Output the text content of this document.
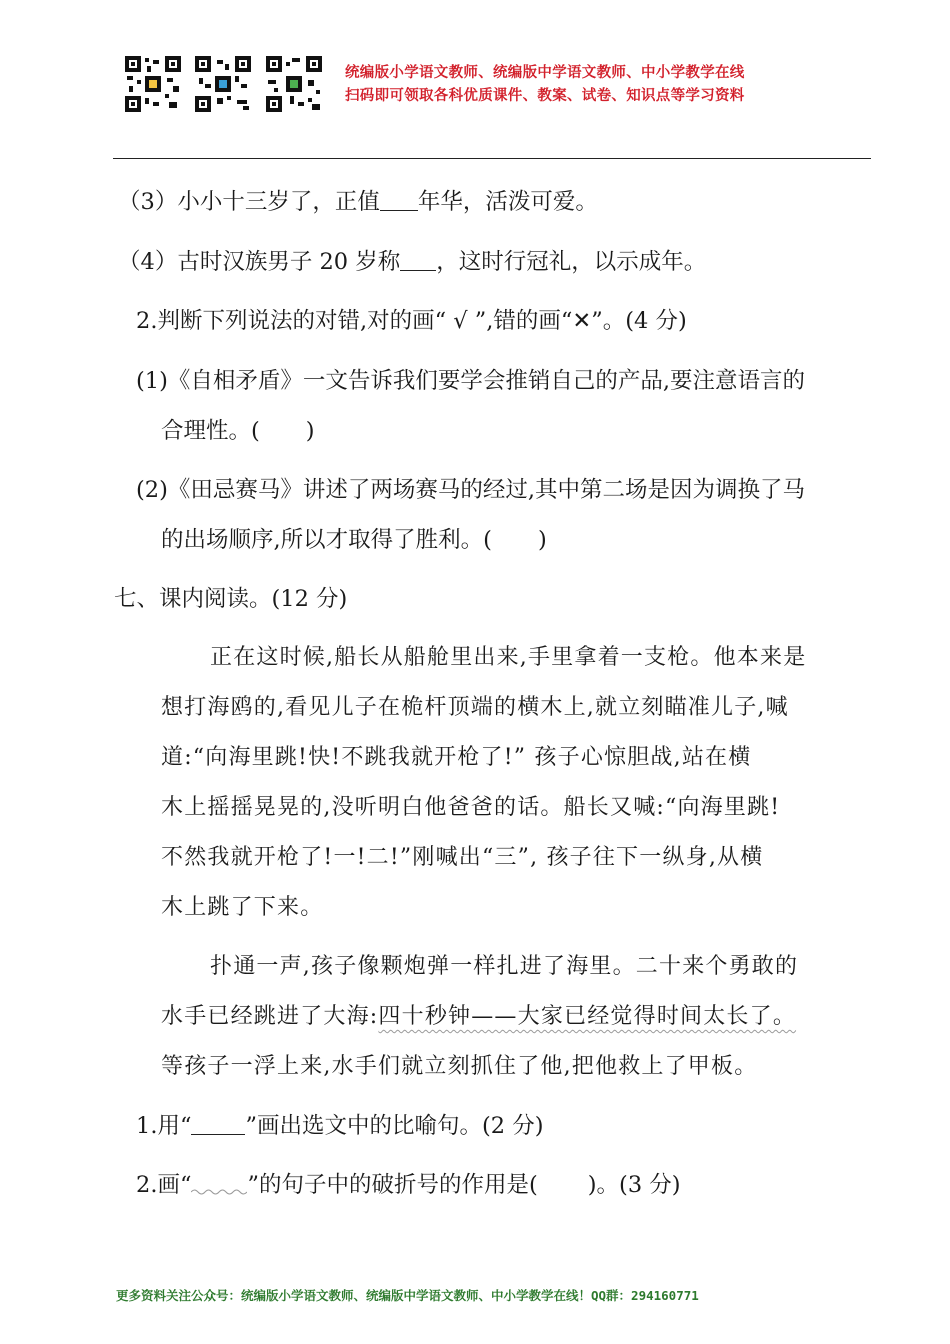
统编版小学语文教师、统编版中学语文教师、中小学教学在线
扫码即可领取各科优质课件、教案、试卷、知识点等学习资料
（3）小小十三岁了，正值 年华，活泼可爱。
（4）古时汉族男子 20 岁称 ，这时行冠礼，以示成年。
2.判断下列说法的对错,对的画“ √ ”,错的画“✕”。(4 分)
(1)《自相矛盾》一文告诉我们要学会推销自己的产品,要注意语言的
合理性。( )
(2)《田忌赛马》讲述了两场赛马的经过,其中第二场是因为调换了马
的出场顺序,所以才取得了胜利。( )
七、课内阅读。(12 分)
正在这时候,船长从船舱里出来,手里拿着一支枪。他本来是
想打海鸥的,看见儿子在桅杆顶端的横木上,就立刻瞄准儿子,喊
道:“向海里跳!快!不跳我就开枪了!” 孩子心惊胆战,站在横
木上摇摇晃晃的,没听明白他爸爸的话。船长又喊:“向海里跳!
不然我就开枪了!一!二!”刚喊出“三”, 孩子往下一纵身,从横
木上跳了下来。
扑通一声,孩子像颗炮弹一样扎进了海里。二十来个勇敢的
水手已经跳进了大海:四十秒钟——大家已经觉得时间太长了。
等孩子一浮上来,水手们就立刻抓住了他,把他救上了甲板。
1.用“ ”画出选文中的比喻句。(2 分)
2.画“ ”的句子中的破折号的作用是( )。(3 分)
更多资料关注公众号：统编版小学语文教师、统编版中学语文教师、中小学教学在线！QQ群：294160771
